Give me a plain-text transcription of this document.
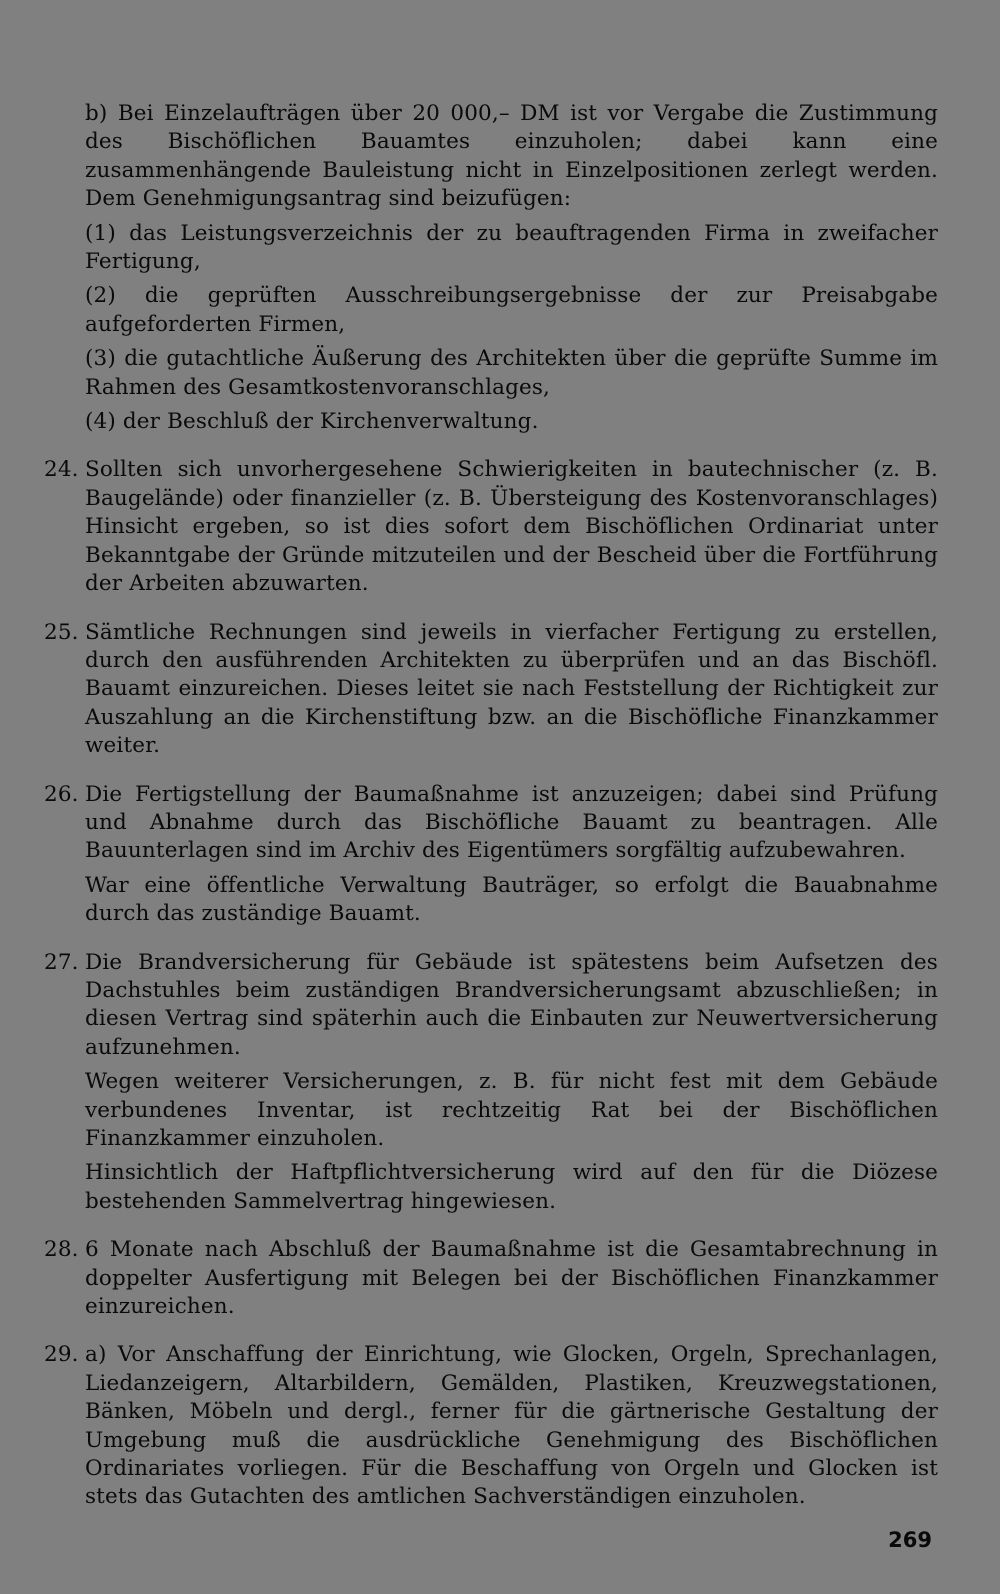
b) Bei Einzelaufträgen über 20 000,– DM ist vor Vergabe die Zustimmung des Bischöflichen Bauamtes einzuholen; dabei kann eine zusammenhängende Bauleistung nicht in Einzelpositionen zerlegt werden. Dem Genehmigungsantrag sind beizufügen:

(1) das Leistungsverzeichnis der zu beauftragenden Firma in zweifacher Fertigung,

(2) die geprüften Ausschreibungsergebnisse der zur Preisabgabe aufgeforderten Firmen,

(3) die gutachtliche Äußerung des Architekten über die geprüfte Summe im Rahmen des Gesamtkostenvoranschlages,

(4) der Beschluß der Kirchenverwaltung.

24. Sollten sich unvorhergesehene Schwierigkeiten in bautechnischer (z. B. Baugelände) oder finanzieller (z. B. Übersteigung des Kostenvoranschlages) Hinsicht ergeben, so ist dies sofort dem Bischöflichen Ordinariat unter Bekanntgabe der Gründe mitzuteilen und der Bescheid über die Fortführung der Arbeiten abzuwarten.

25. Sämtliche Rechnungen sind jeweils in vierfacher Fertigung zu erstellen, durch den ausführenden Architekten zu überprüfen und an das Bischöfl. Bauamt einzureichen. Dieses leitet sie nach Feststellung der Richtigkeit zur Auszahlung an die Kirchenstiftung bzw. an die Bischöfliche Finanzkammer weiter.

26. Die Fertigstellung der Baumaßnahme ist anzuzeigen; dabei sind Prüfung und Abnahme durch das Bischöfliche Bauamt zu beantragen. Alle Bauunterlagen sind im Archiv des Eigentümers sorgfältig aufzubewahren.

War eine öffentliche Verwaltung Bauträger, so erfolgt die Bauabnahme durch das zuständige Bauamt.

27. Die Brandversicherung für Gebäude ist spätestens beim Aufsetzen des Dachstuhles beim zuständigen Brandversicherungsamt abzuschließen; in diesen Vertrag sind späterhin auch die Einbauten zur Neuwertversicherung aufzunehmen.

Wegen weiterer Versicherungen, z. B. für nicht fest mit dem Gebäude verbundenes Inventar, ist rechtzeitig Rat bei der Bischöflichen Finanzkammer einzuholen.

Hinsichtlich der Haftpflichtversicherung wird auf den für die Diözese bestehenden Sammelvertrag hingewiesen.

28. 6 Monate nach Abschluß der Baumaßnahme ist die Gesamtabrechnung in doppelter Ausfertigung mit Belegen bei der Bischöflichen Finanzkammer einzureichen.

29. a) Vor Anschaffung der Einrichtung, wie Glocken, Orgeln, Sprechanlagen, Liedanzeigern, Altarbildern, Gemälden, Plastiken, Kreuzwegstationen, Bänken, Möbeln und dergl., ferner für die gärtnerische Gestaltung der Umgebung muß die ausdrückliche Genehmigung des Bischöflichen Ordinariates vorliegen. Für die Beschaffung von Orgeln und Glocken ist stets das Gutachten des amtlichen Sachverständigen einzuholen.

269
